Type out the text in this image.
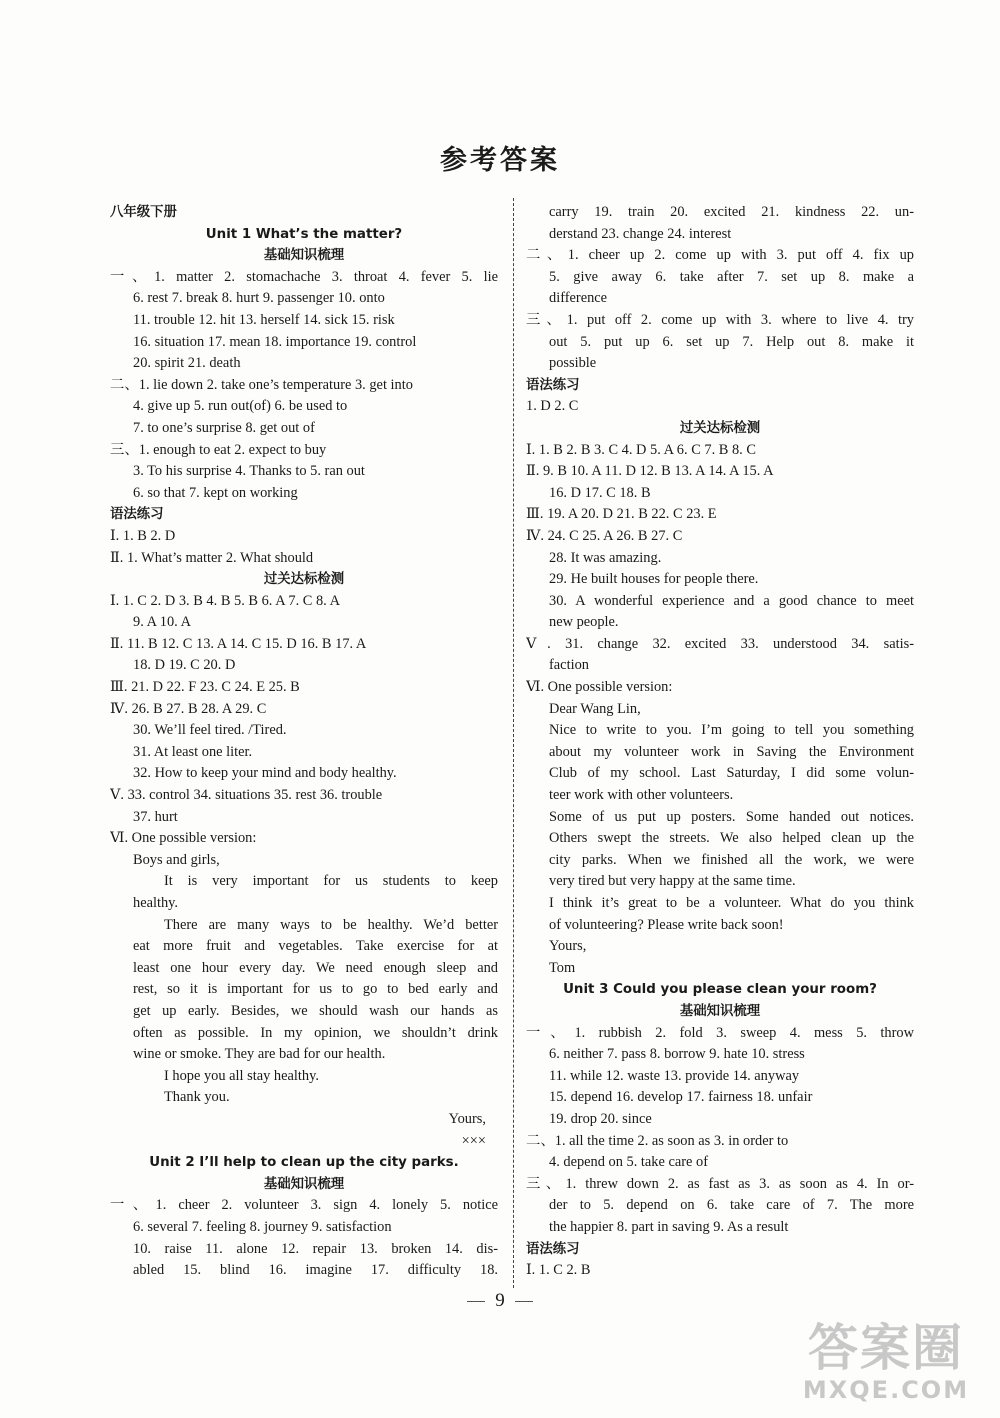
参考答案
八年级下册
Unit 1 What’s the matter?
基础知识梳理
一、1. matter 2. stomachache 3. throat 4. fever 5. lie
6. rest 7. break 8. hurt 9. passenger 10. onto
11. trouble 12. hit 13. herself 14. sick 15. risk
16. situation 17. mean 18. importance 19. control
20. spirit 21. death
二、1. lie down 2. take one’s temperature 3. get into
4. give up 5. run out(of) 6. be used to
7. to one’s surprise 8. get out of
三、1. enough to eat 2. expect to buy
3. To his surprise 4. Thanks to 5. ran out
6. so that 7. kept on working
语法练习
Ⅰ. 1. B 2. D
Ⅱ. 1. What’s matter 2. What should
过关达标检测
Ⅰ. 1. C 2. D 3. B 4. B 5. B 6. A 7. C 8. A
9. A 10. A
Ⅱ. 11. B 12. C 13. A 14. C 15. D 16. B 17. A
18. D 19. C 20. D
Ⅲ. 21. D 22. F 23. C 24. E 25. B
Ⅳ. 26. B 27. B 28. A 29. C
30. We’ll feel tired. /Tired.
31. At least one liter.
32. How to keep your mind and body healthy.
Ⅴ. 33. control 34. situations 35. rest 36. trouble
37. hurt
Ⅵ. One possible version:
Boys and girls,
It is very important for us students to keep
healthy.
There are many ways to be healthy. We’d better
eat more fruit and vegetables. Take exercise for at
least one hour every day. We need enough sleep and
rest, so it is important for us to go to bed early and
get up early. Besides, we should wash our hands as
often as possible. In my opinion, we shouldn’t drink
wine or smoke. They are bad for our health.
I hope you all stay healthy.
Thank you.
Yours,
×××
Unit 2 I’ll help to clean up the city parks.
基础知识梳理
一、1. cheer 2. volunteer 3. sign 4. lonely 5. notice
6. several 7. feeling 8. journey 9. satisfaction
10. raise 11. alone 12. repair 13. broken 14. dis-
abled 15. blind 16. imagine 17. difficulty 18.
carry 19. train 20. excited 21. kindness 22. un-
derstand 23. change 24. interest
二、1. cheer up 2. come up with 3. put off 4. fix up
5. give away 6. take after 7. set up 8. make a
difference
三、1. put off 2. come up with 3. where to live 4. try
out 5. put up 6. set up 7. Help out 8. make it
possible
语法练习
1. D 2. C
过关达标检测
Ⅰ. 1. B 2. B 3. C 4. D 5. A 6. C 7. B 8. C
Ⅱ. 9. B 10. A 11. D 12. B 13. A 14. A 15. A
16. D 17. C 18. B
Ⅲ. 19. A 20. D 21. B 22. C 23. E
Ⅳ. 24. C 25. A 26. B 27. C
28. It was amazing.
29. He built houses for people there.
30. A wonderful experience and a good chance to meet
new people.
Ⅴ. 31. change 32. excited 33. understood 34. satis-
faction
Ⅵ. One possible version:
Dear Wang Lin,
Nice to write to you. I’m going to tell you something
about my volunteer work in Saving the Environment
Club of my school. Last Saturday, I did some volun-
teer work with other volunteers.
Some of us put up posters. Some handed out notices.
Others swept the streets. We also helped clean up the
city parks. When we finished all the work, we were
very tired but very happy at the same time.
I think it’s great to be a volunteer. What do you think
of volunteering? Please write back soon!
Yours,
Tom
Unit 3 Could you please clean your room?
基础知识梳理
一、1. rubbish 2. fold 3. sweep 4. mess 5. throw
6. neither 7. pass 8. borrow 9. hate 10. stress
11. while 12. waste 13. provide 14. anyway
15. depend 16. develop 17. fairness 18. unfair
19. drop 20. since
二、1. all the time 2. as soon as 3. in order to
4. depend on 5. take care of
三、1. threw down 2. as fast as 3. as soon as 4. In or-
der to 5. depend on 6. take care of 7. The more
the happier 8. part in saving 9. As a result
语法练习
Ⅰ. 1. C 2. B
9
答案圈
MXQE.COM
